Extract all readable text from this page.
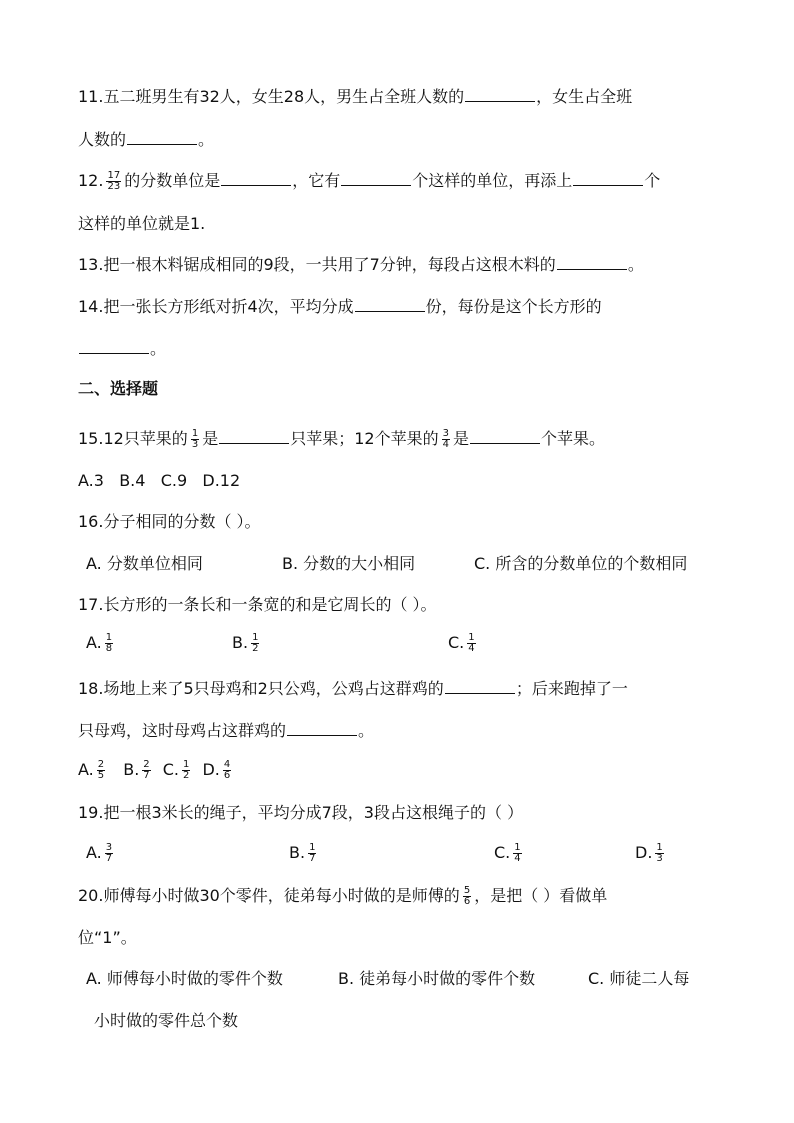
11.五二班男生有32人，女生28人，男生占全班人数的	，女生占全班
人数的	。
12. $\frac{17}{23}$ 的分数单位是	，它有	个这样的单位，再添上	个
这样的单位就是1.
13.把一根木料锯成相同的9段，一共用了7分钟，每段占这根木料的	。
14.把一张长方形纸对折4次，平均分成	份，每份是这个长方形的
。
二、选择题
15.12只苹果的 $\frac{1}{3}$ 是	只苹果；12个苹果的 $\frac{3}{4}$ 是	个苹果。
A.3   B.4   C.9   D.12
16.分子相同的分数（ ）。
A. 分数单位相同	B. 分数的大小相同	C. 所含的分数单位的个数相同
17.长方形的一条长和一条宽的和是它周长的（ ）。
A. $\frac{1}{8}$	B. $\frac{1}{2}$	C. $\frac{1}{4}$
18.场地上来了5只母鸡和2只公鸡，公鸡占这群鸡的	；后来跑掉了一
只母鸡，这时母鸡占这群鸡的	。
A. $\frac{2}{5} B$. $\frac{2}{7} C$. $\frac{1}{2} D$. $\frac{4}{6}$
19.把一根3米长的绳子，平均分成7段，3段占这根绳子的（ ）
A. $\frac{3}{7}$	B. $\frac{1}{7}$	C. $\frac{1}{4}$	D. $\frac{1}{3}$
20.师傅每小时做30个零件，徒弟每小时做的是师傅的 $\frac{5}{6}$ ，是把（ ）看做单
位“1”。
A. 师傅每小时做的零件个数	B. 徒弟每小时做的零件个数	C. 师徒二人每
小时做的零件总个数
